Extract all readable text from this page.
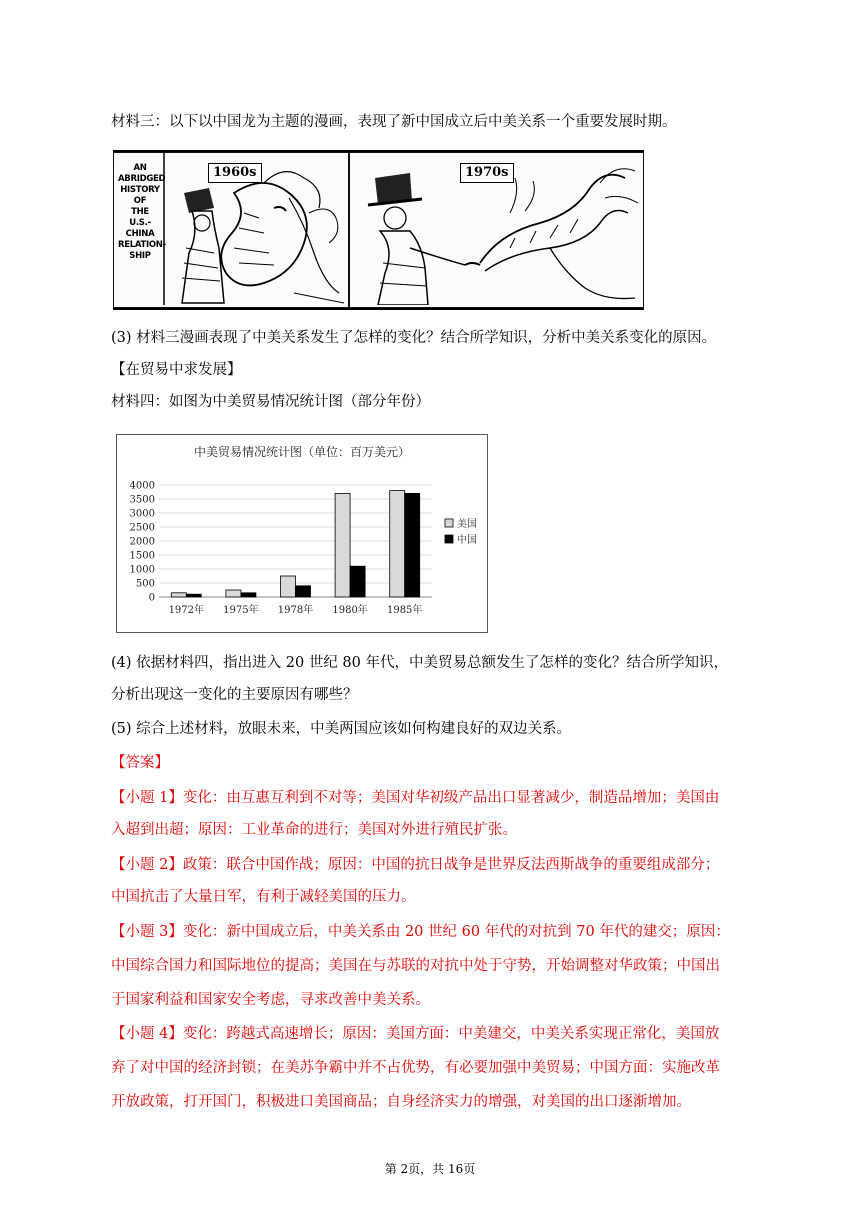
材料三：以下以中国龙为主题的漫画，表现了新中国成立后中美关系一个重要发展时期。
AN
ABRIDGED
HISTORY
OF
THE
U.S.-
CHINA
RELATION-
SHIP
1960s	1970s
(3) 材料三漫画表现了中美关系发生了怎样的变化？结合所学知识，分析中美关系变化的原因。
【在贸易中求发展】
材料四：如图为中美贸易情况统计图（部分年份）
中美贸易情况统计图（单位：百万美元）
0
500
1000
1500
2000
2500
3000
3500
4000
1972年 1975年 1978年 1980年 1985年
美国
中国
(4) 依据材料四，指出进入 20 世纪 80 年代，中美贸易总额发生了怎样的变化？结合所学知识，
分析出现这一变化的主要原因有哪些？
(5) 综合上述材料，放眼未来，中美两国应该如何构建良好的双边关系。
【答案】
【小题 1】变化：由互惠互利到不对等；美国对华初级产品出口显著减少，制造品增加；美国由
入超到出超；原因：工业革命的进行；美国对外进行殖民扩张。
【小题 2】政策：联合中国作战；原因：中国的抗日战争是世界反法西斯战争的重要组成部分；
中国抗击了大量日军，有利于减轻美国的压力。
【小题 3】变化：新中国成立后，中美关系由 20 世纪 60 年代的对抗到 70 年代的建交；原因：
中国综合国力和国际地位的提高；美国在与苏联的对抗中处于守势，开始调整对华政策；中国出
于国家利益和国家安全考虑，寻求改善中美关系。
【小题 4】变化：跨越式高速增长；原因：美国方面：中美建交，中美关系实现正常化，美国放
弃了对中国的经济封锁；在美苏争霸中并不占优势，有必要加强中美贸易；中国方面：实施改革
开放政策，打开国门，积极进口美国商品；自身经济实力的增强，对美国的出口逐渐增加。
第 2页，共 16页
